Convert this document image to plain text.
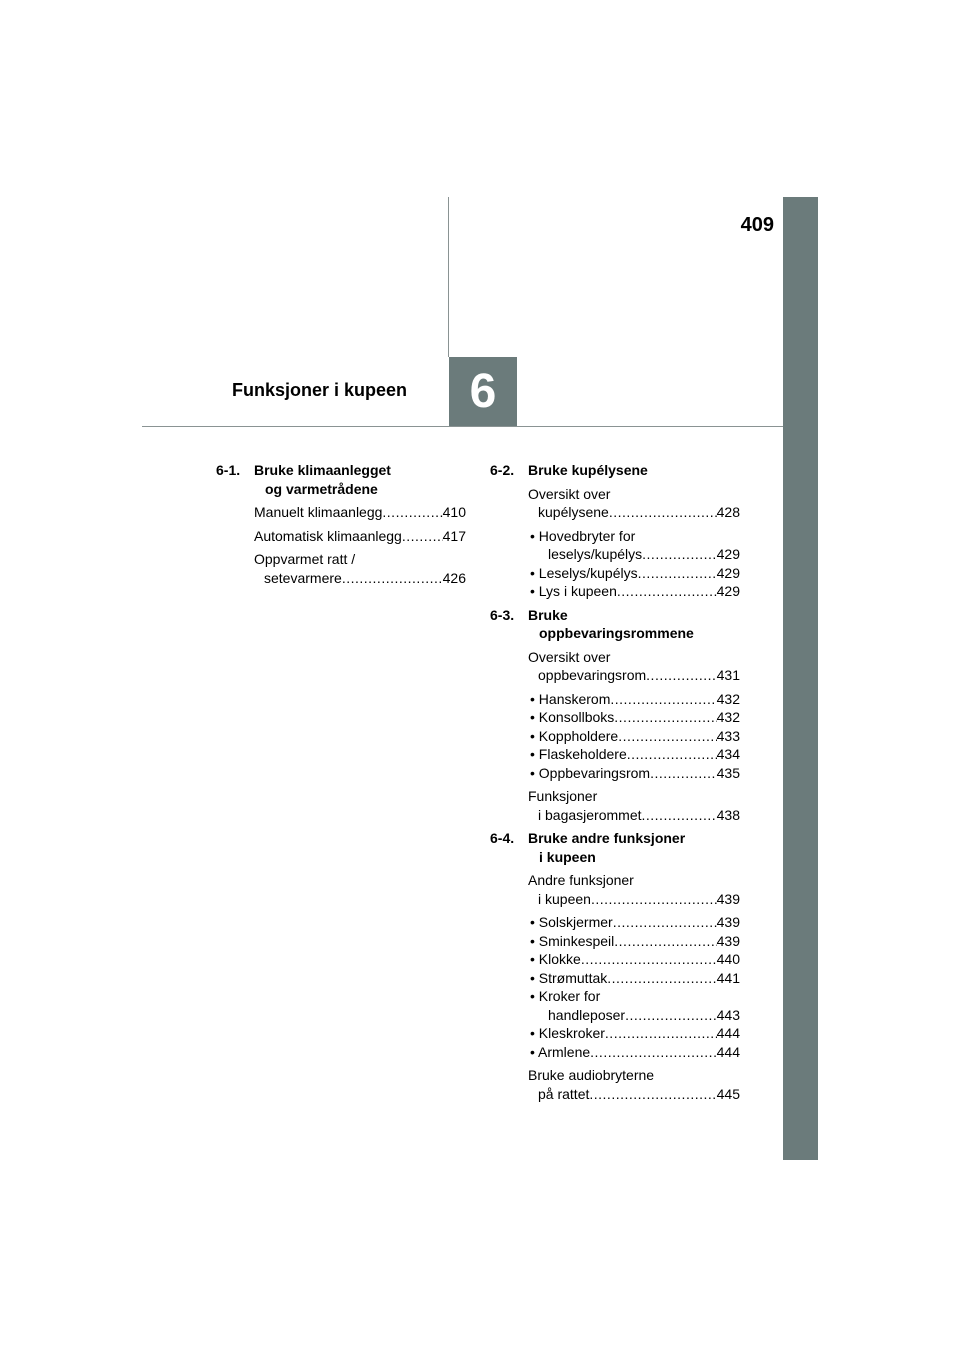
409
6
Funksjoner i kupeen
6-1. Bruke klimaanlegget
og varmetrådene
Manuelt klimaanlegg .....	410
Automatisk klimaanlegg .....	417
Oppvarmet ratt /
setevarmere .....	426
6-2. Bruke kupélysene
Oversikt over
kupélysene .....	428
• Hovedbryter for
leselys/kupélys .....	429
• Leselys/kupélys .....	429
• Lys i kupeen .....	429
6-3. Bruke
oppbevaringsrommene
Oversikt over
oppbevaringsrom .....	431
• Hanskerom .....	432
• Konsollboks .....	432
• Koppholdere .....	433
• Flaskeholdere .....	434
• Oppbevaringsrom .....	435
Funksjoner
i bagasjerommet .....	438
6-4. Bruke andre funksjoner
i kupeen
Andre funksjoner
i kupeen .....	439
• Solskjermer .....	439
• Sminkespeil .....	439
• Klokke .....	440
• Strømuttak .....	441
• Kroker for
handleposer .....	443
• Kleskroker .....	444
• Armlene .....	444
Bruke audiobryterne
på rattet .....	445
